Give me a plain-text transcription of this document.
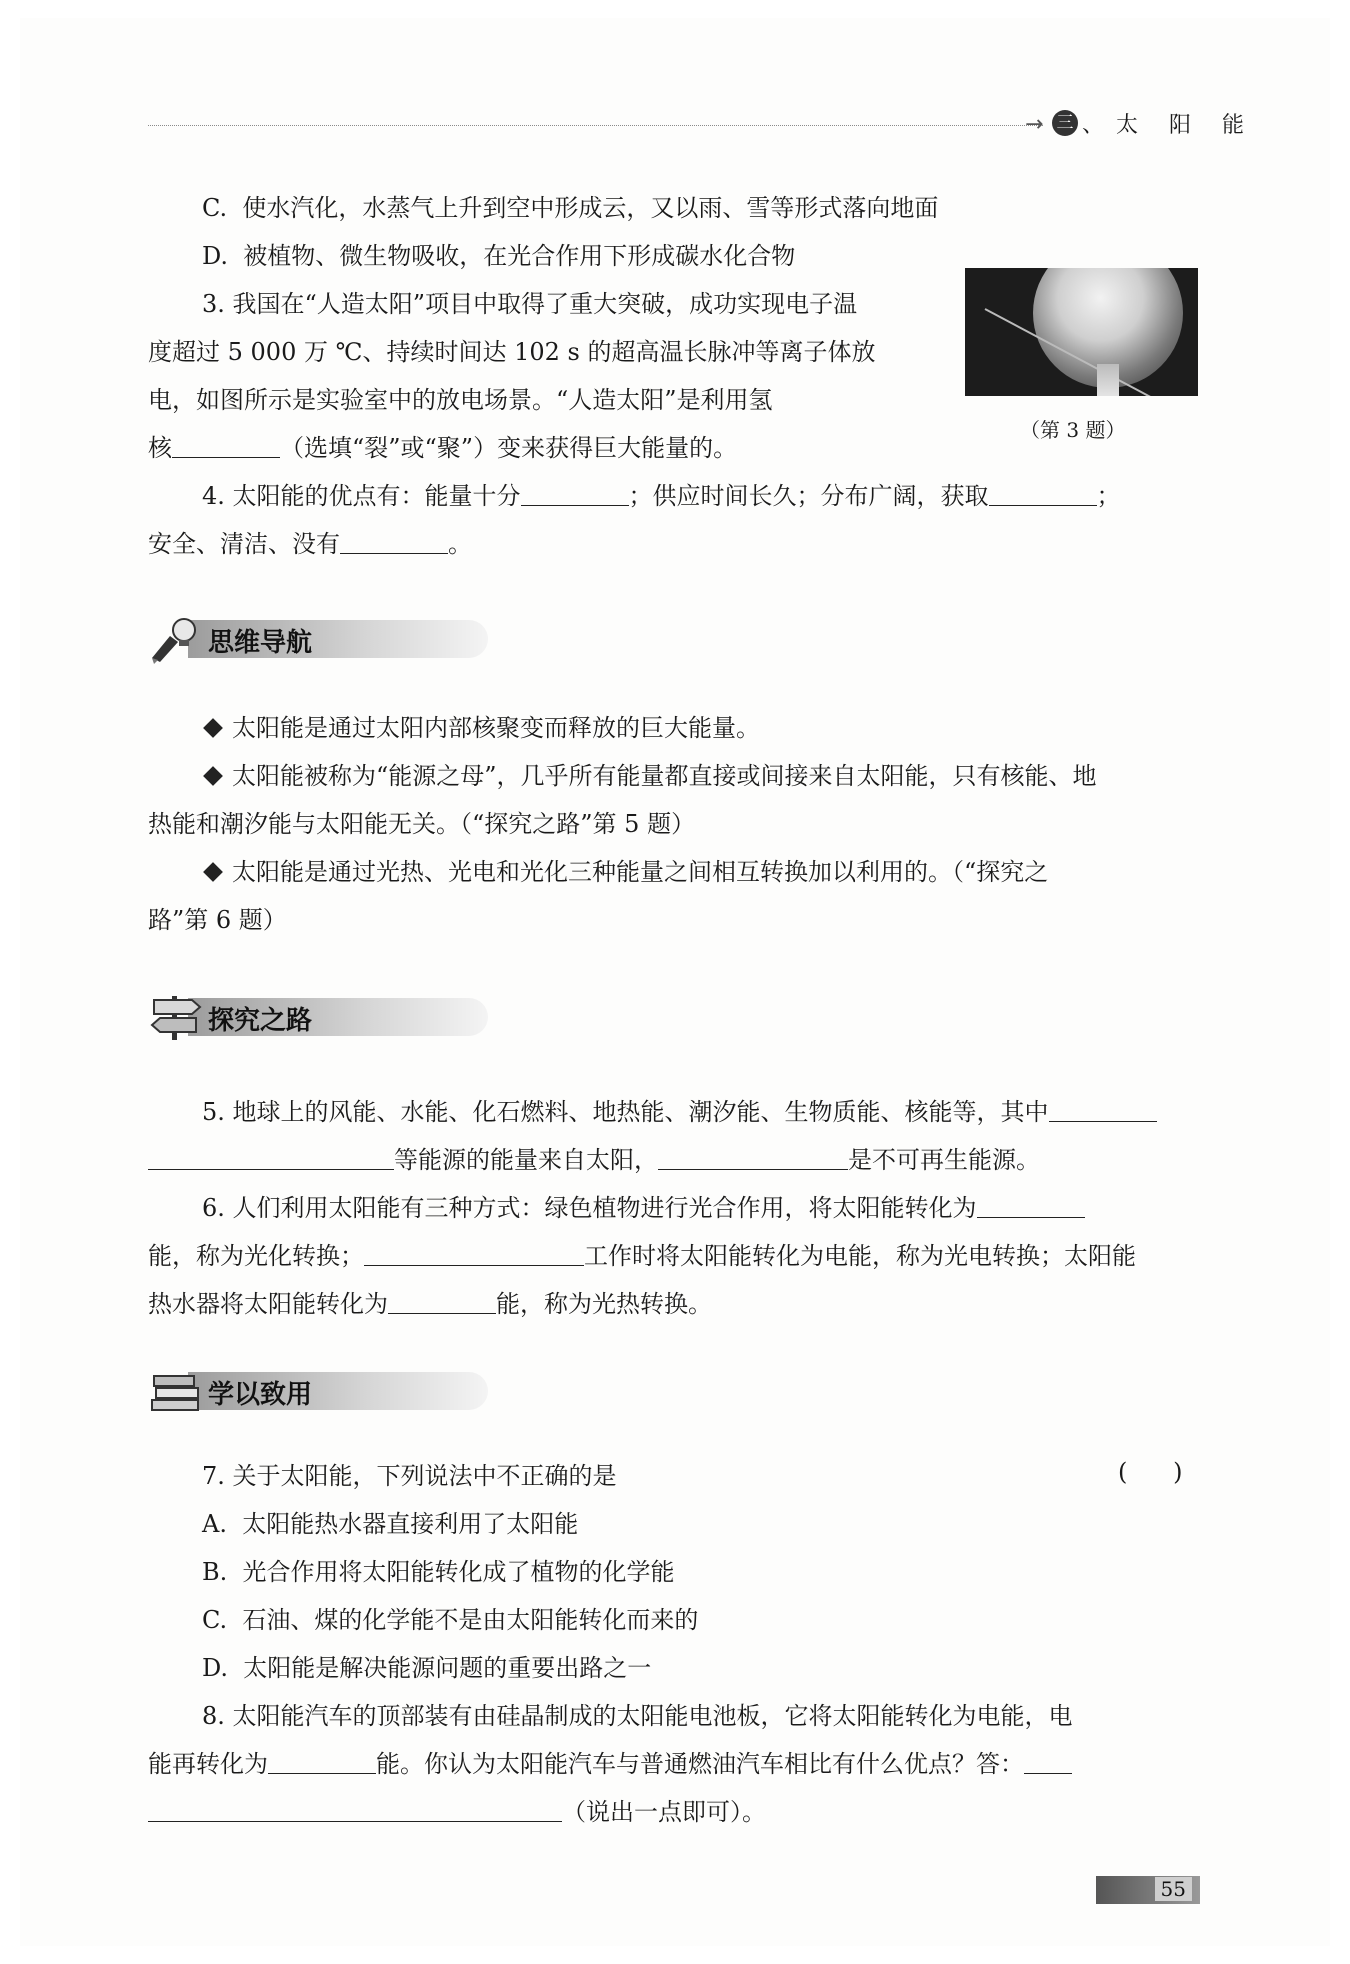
→ 三 、太 阳 能
C. 使水汽化，水蒸气上升到空中形成云，又以雨、雪等形式落向地面
D. 被植物、微生物吸收，在光合作用下形成碳水化合物
3. 我国在“人造太阳”项目中取得了重大突破，成功实现电子温
度超过 5 000 万 ℃、持续时间达 102 s 的超高温长脉冲等离子体放
电，如图所示是实验室中的放电场景。“人造太阳”是利用氢
核	（选填“裂”或“聚”）变来获得巨大能量的。
（第 3 题）
4. 太阳能的优点有：能量十分	；供应时间长久；分布广阔，获取	；
安全、清洁、没有	。
思维导航
太阳能是通过太阳内部核聚变而释放的巨大能量。
太阳能被称为“能源之母”，几乎所有能量都直接或间接来自太阳能，只有核能、地
热能和潮汐能与太阳能无关。（“探究之路”第 5 题）
太阳能是通过光热、光电和光化三种能量之间相互转换加以利用的。（“探究之
路”第 6 题）
探究之路
5. 地球上的风能、水能、化石燃料、地热能、潮汐能、生物质能、核能等，其中
等能源的能量来自太阳，	是不可再生能源。
6. 人们利用太阳能有三种方式：绿色植物进行光合作用，将太阳能转化为
能，称为光化转换；	工作时将太阳能转化为电能，称为光电转换；太阳能
热水器将太阳能转化为	能，称为光热转换。
学以致用
7. 关于太阳能，下列说法中不正确的是	(      )
A. 太阳能热水器直接利用了太阳能
B. 光合作用将太阳能转化成了植物的化学能
C. 石油、煤的化学能不是由太阳能转化而来的
D. 太阳能是解决能源问题的重要出路之一
8. 太阳能汽车的顶部装有由硅晶制成的太阳能电池板，它将太阳能转化为电能，电
能再转化为	能。你认为太阳能汽车与普通燃油汽车相比有什么优点？答：
（说出一点即可）。
55
